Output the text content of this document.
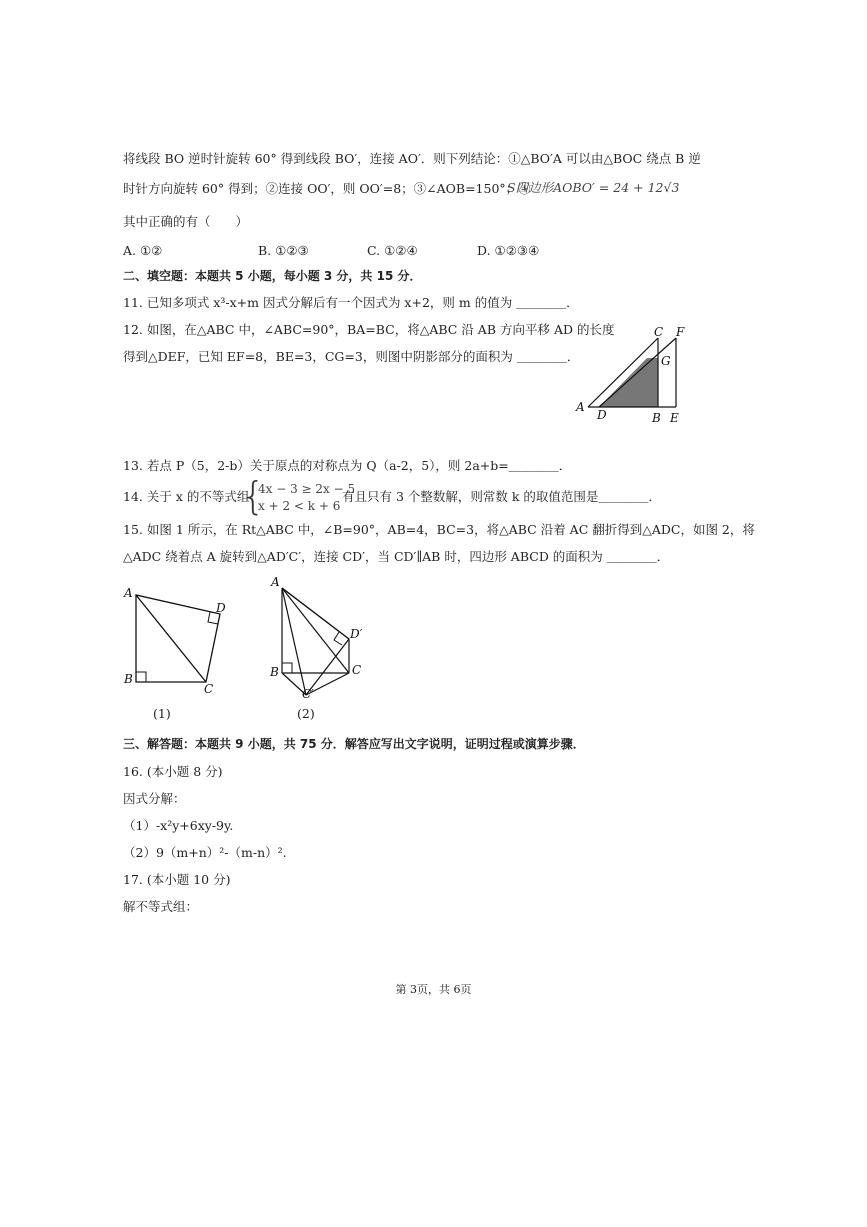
将线段 BO 逆时针旋转 60° 得到线段 BO′，连接 AO′．则下列结论：①△BO′A 可以由△BOC 绕点 B 逆
时针方向旋转 60° 得到；②连接 OO′，则 OO′=8；③∠AOB=150°；④
S四边形AOBO′ = 24 + 12√3
其中正确的有（　　）
A. ①②	B. ①②③	C. ①②④	D. ①②③④
二、填空题：本题共 5 小题，每小题 3 分，共 15 分．
11. 已知多项式 x³-x+m 因式分解后有一个因式为 x+2，则 m 的值为 ＿＿＿＿．
12. 如图，在△ABC 中，∠ABC=90°，BA=BC，将△ABC 沿 AB 方向平移 AD 的长度
得到△DEF，已知 EF=8，BE=3，CG=3，则图中阴影部分的面积为 ＿＿＿＿．
C F
G
A
D	B E
13. 若点 P（5，2-b）关于原点的对称点为 Q（a-2，5），则 2a+b=＿＿＿＿．
14. 关于 x 的不等式组
{
4x − 3 ≥ 2x − 5
x + 2 < k + 6
有且只有 3 个整数解，则常数 k 的取值范围是＿＿＿＿．
15. 如图 1 所示，在 Rt△ABC 中，∠B=90°，AB=4，BC=3，将△ABC 沿着 AC 翻折得到△ADC，如图 2，将
△ADC 绕着点 A 旋转到△AD′C′，连接 CD′，当 CD′∥AB 时，四边形 ABCD 的面积为 ＿＿＿＿．
A
D
B
C
(1)
A
D′
B	C
C′
(2)
三、解答题：本题共 9 小题，共 75 分．解答应写出文字说明，证明过程或演算步骤．
16. (本小题 8 分)
因式分解：
（1）-x²y+6xy-9y.
（2）9（m+n）²-（m-n）².
17. (本小题 10 分)
解不等式组：
第 3页，共 6页
